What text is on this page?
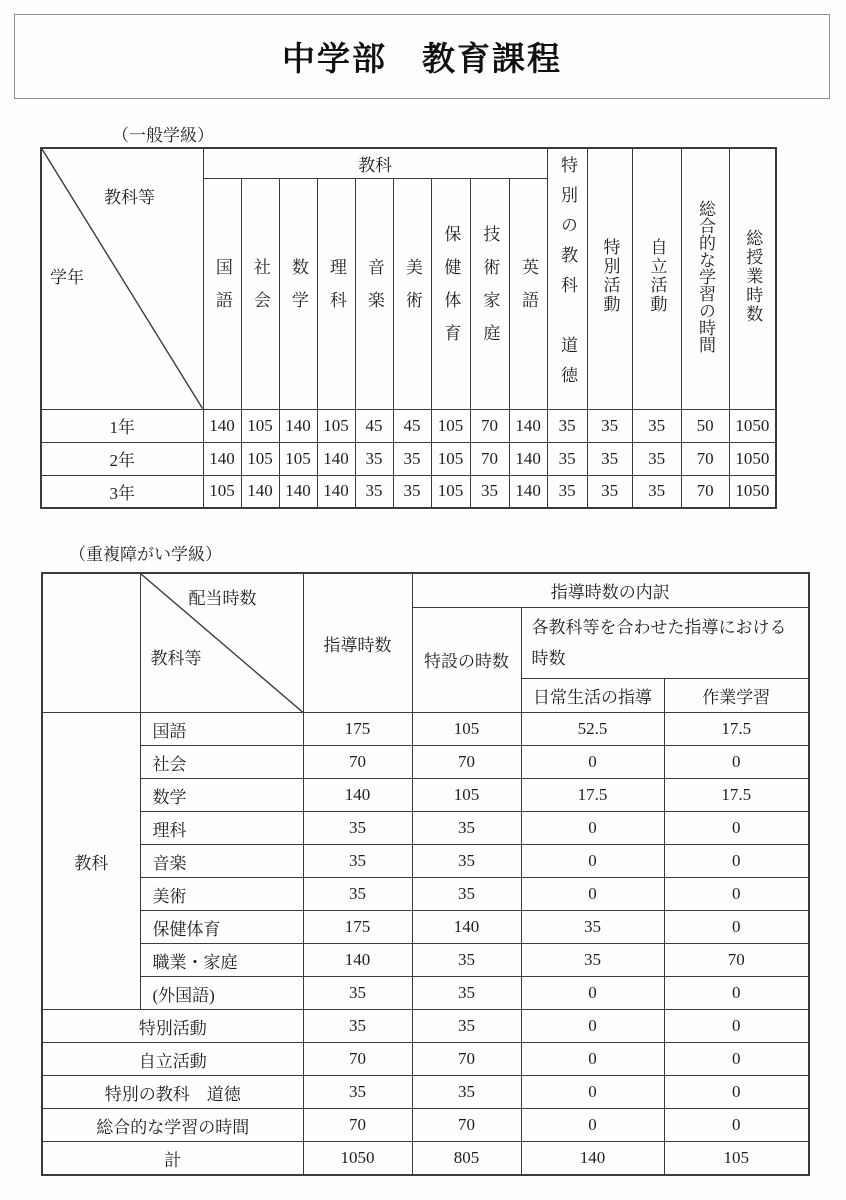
中学部　教育課程
（一般学級）
教科等
学年	教科									特別の教科　道徳	特別活動	自立活動	総合的な学習の時間	総授業時数
	国語	社会	数学	理科	音楽	美術	保健体育	技術家庭	英語					
1年	140	105	140	105	45	45	105	70	140	35	35	35	50	1050
2年	140	105	105	140	35	35	105	70	140	35	35	35	70	1050
3年	105	140	140	140	35	35	105	35	140	35	35	35	70	1050
（重複障がい学級）

	配当時数
教科等	指導時数	指導時数の内訳		
			特設の時数	各教科等を合わせた指導における時数	
				日常生活の指導	作業学習
教科	国語	175	105	52.5	17.5
	社会	70	70	0	0
	数学	140	105	17.5	17.5
	理科	35	35	0	0
	音楽	35	35	0	0
	美術	35	35	0	0
	保健体育	175	140	35	0
	職業・家庭	140	35	35	70
	(外国語)	35	35	0	0
特別活動		35	35	0	0
自立活動		70	70	0	0
特別の教科　道徳		35	35	0	0
総合的な学習の時間		70	70	0	0
計		1050	805	140	105
